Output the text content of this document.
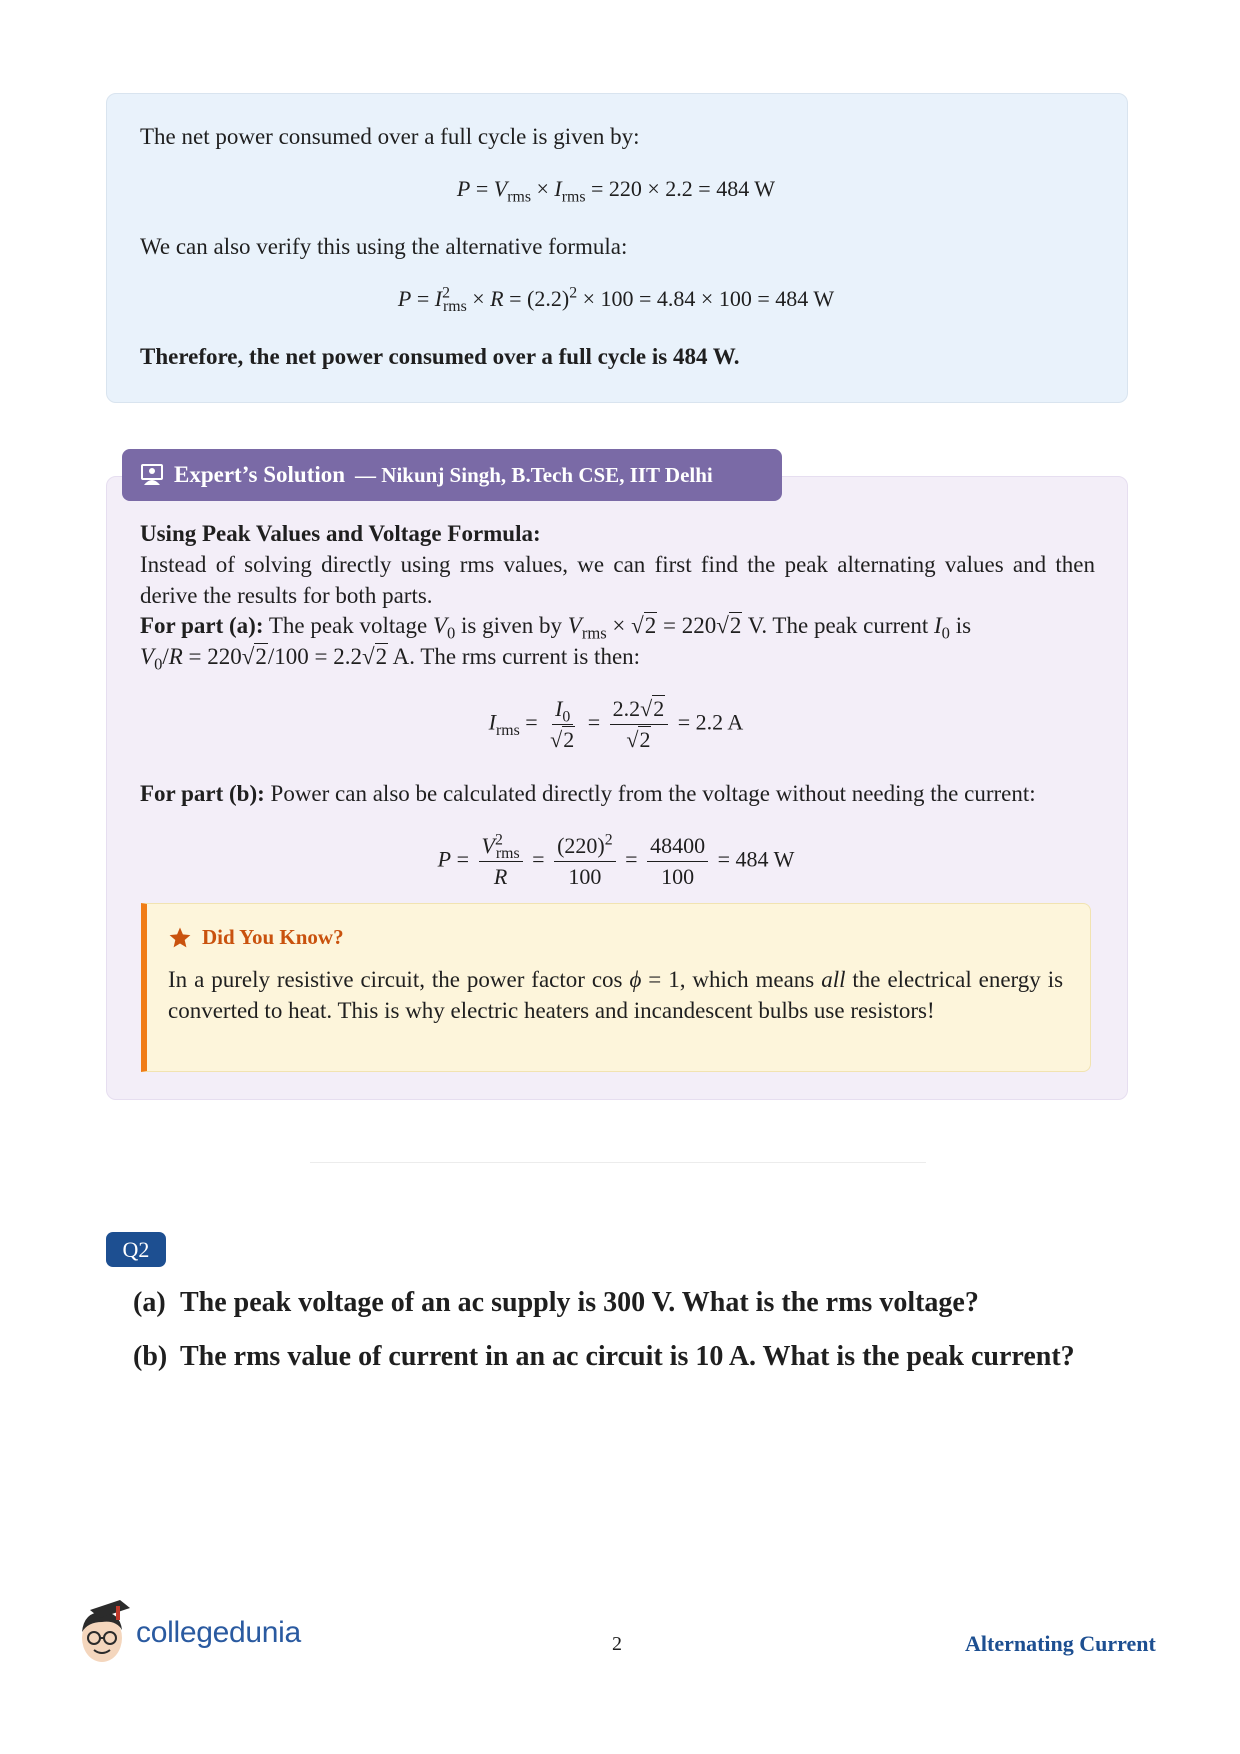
The net power consumed over a full cycle is given by:
$P = V_{rms} \times I_{rms} = 220 \times 2.2 = 484$ W
We can also verify this using the alternative formula:
$P = I^2_{rms} \times R = (2.2)^2 \times 100 = 4.84 \times 100 = 484$ W
Therefore, the net power consumed over a full cycle is 484 W.
Expert’s Solution — Nikunj Singh, B.Tech CSE, IIT Delhi
Using Peak Values and Voltage Formula:
Instead of solving directly using rms values, we can first find the peak alternating values and then derive the results for both parts.
For part (a): The peak voltage $V_0$ is given by $V_{rms} \times √2 = 220√2$ V. The peak current $I_0$ is
$V_0/R = 220√2/100 = 2.2√2$ A. The rms current is then:
$I_{rms} = \frac{I_0}{√2} = \frac{2.2√2}{√2} = 2.2$ A
For part (b): Power can also be calculated directly from the voltage without needing the current:
$P = \frac{V^2_{rms}}{R} = \frac{(220)^2}{100} = \frac{48400}{100} = 484$ W
Did You Know?
In a purely resistive circuit, the power factor cos ϕ = 1, which means all the electrical energy is converted to heat. This is why electric heaters and incandescent bulbs use resistors!
Q2
(a) The peak voltage of an ac supply is 300 V. What is the rms voltage?
(b) The rms value of current in an ac circuit is 10 A. What is the peak current?
collegedunia	2	Alternating Current
